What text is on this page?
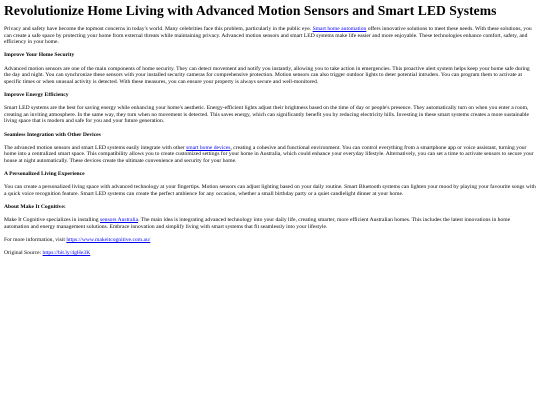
Revolutionize Home Living with Advanced Motion Sensors and Smart LED Systems

Privacy and safety have become the topmost concerns in today's world. Many celebrities face this problem, particularly in the public eye. Smart home automation offers innovative solutions to meet these needs. With these solutions, you can create a safe space by protecting your home from external threats while maintaining privacy. Advanced motion sensors and smart LED systems make life easier and more enjoyable. These technologies enhance comfort, safety, and efficiency in your home.

Improve Your Home Security

Advanced motion sensors are one of the main components of home security. They can detect movement and notify you instantly, allowing you to take action in emergencies. This proactive alert system helps keep your home safe during the day and night. You can synchronize these sensors with your installed security cameras for comprehensive protection. Motion sensors can also trigger outdoor lights to deter potential intruders. You can program them to activate at specific times or when unusual activity is detected. With these measures, you can ensure your property is always secure and well-monitored.

Improve Energy Efficiency

Smart LED systems are the best for saving energy while enhancing your home's aesthetic. Energy-efficient lights adjust their brightness based on the time of day or people's presence. They automatically turn on when you enter a room, creating an inviting atmosphere. In the same way, they turn when no movement is detected. This saves energy, which can significantly benefit you by reducing electricity bills. Investing in these smart systems creates a more sustainable living space that is modern and safe for you and your future generation.

Seamless Integration with Other Devices

The advanced motion sensors and smart LED systems easily integrate with other smart home devices, creating a cohesive and functional environment. You can control everything from a smartphone app or voice assistant, turning your home into a centralized smart space. This compatibility allows you to create customized settings for your home in Australia, which could enhance your everyday lifestyle. Alternatively, you can set a time to activate sensors to secure your house at night automatically. These devices create the ultimate convenience and security for your home.

A Personalized Living Experience

You can create a personalized living space with advanced technology at your fingertips. Motion sensors can adjust lighting based on your daily routine. Smart Bluetooth systems can lighten your mood by playing your favourite songs with a quick voice recognition feature. Smart LED systems can create the perfect ambience for any occasion, whether a small birthday party or a quiet candlelight dinner at your home.

About Make It Cognitive:

Make It Cognitive specializes in installing sensors Australia. The main idea is integrating advanced technology into your daily life, creating smarter, more efficient Australian homes. This includes the latest innovations in home automation and energy management solutions. Embrace innovation and simplify living with smart systems that fit seamlessly into your lifestyle.

For more information, visit https://www.makeitcognitive.com.au/

Original Source: https://bit.ly/4gHe3K
